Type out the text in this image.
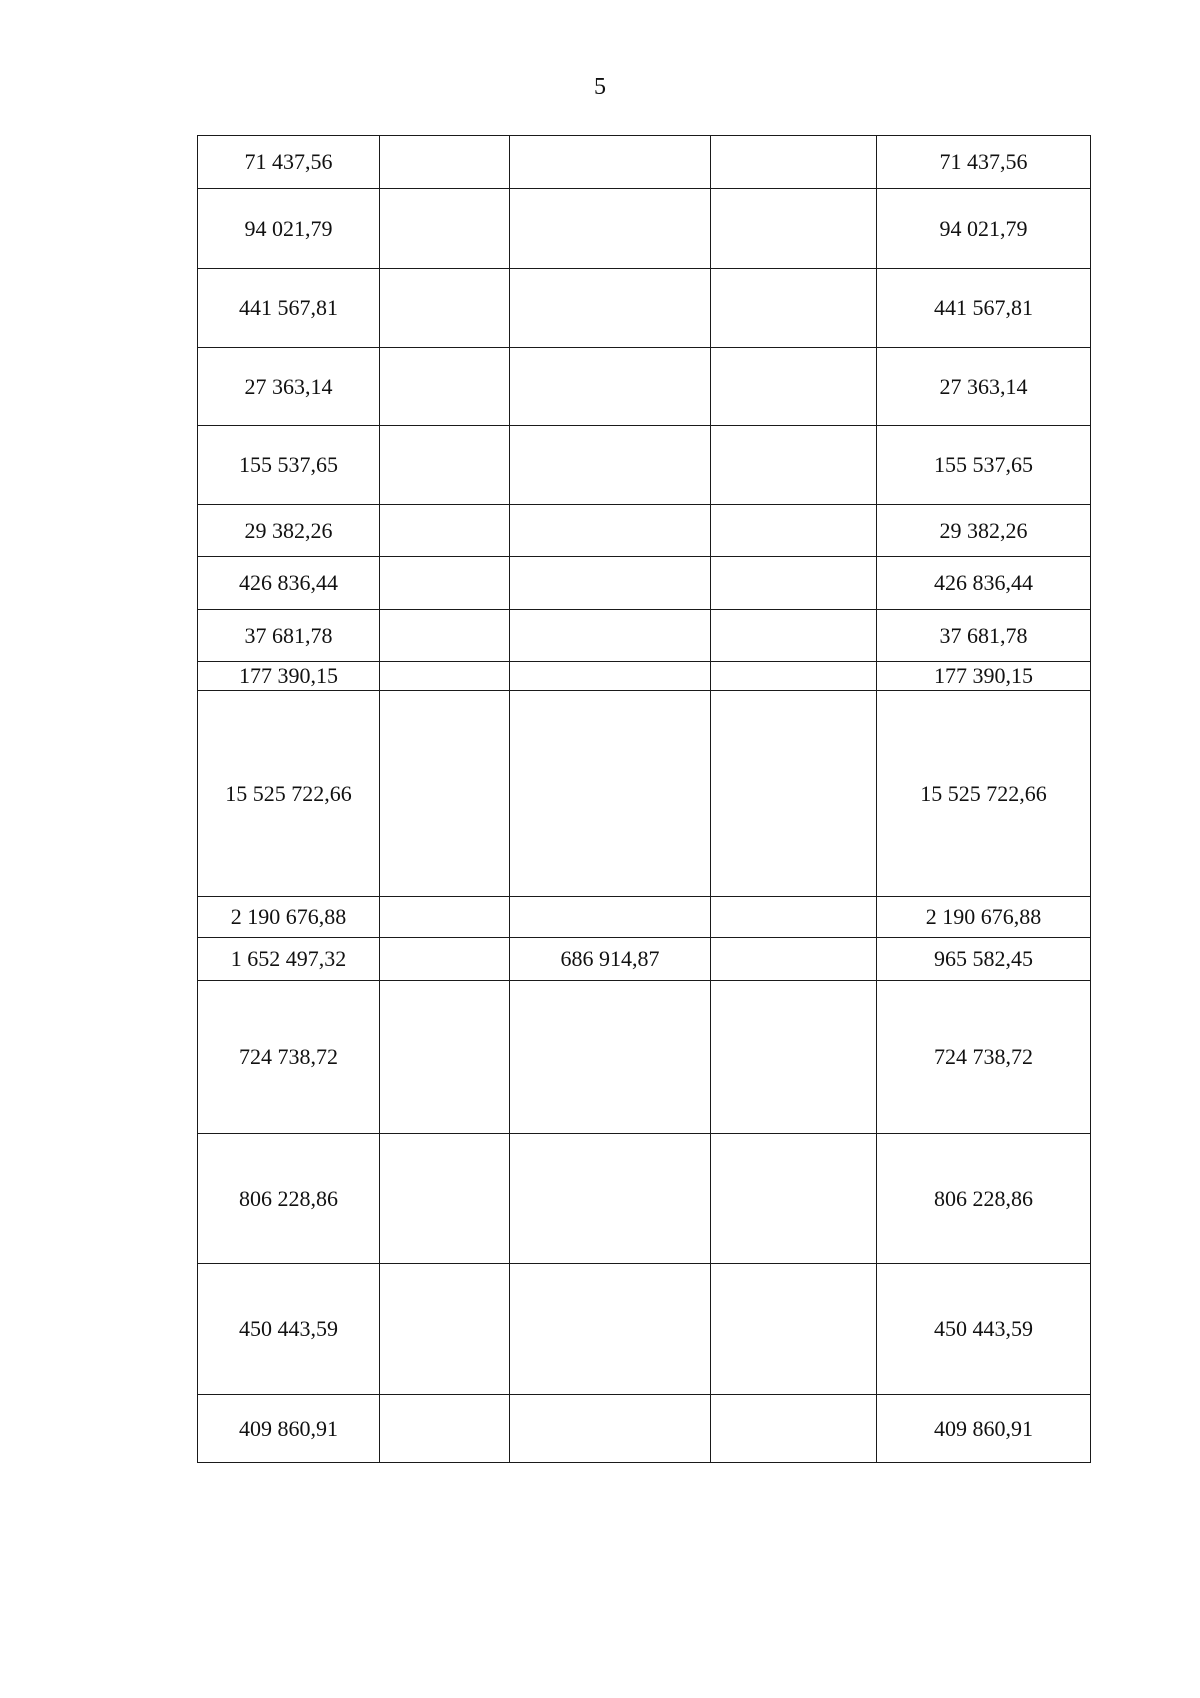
5
71 437,56				71 437,56
94 021,79				94 021,79
441 567,81				441 567,81
27 363,14				27 363,14
155 537,65				155 537,65
29 382,26				29 382,26
426 836,44				426 836,44
37 681,78				37 681,78
177 390,15				177 390,15
15 525 722,66				15 525 722,66
2 190 676,88				2 190 676,88
1 652 497,32		686 914,87		965 582,45
724 738,72				724 738,72
806 228,86				806 228,86
450 443,59				450 443,59
409 860,91				409 860,91
